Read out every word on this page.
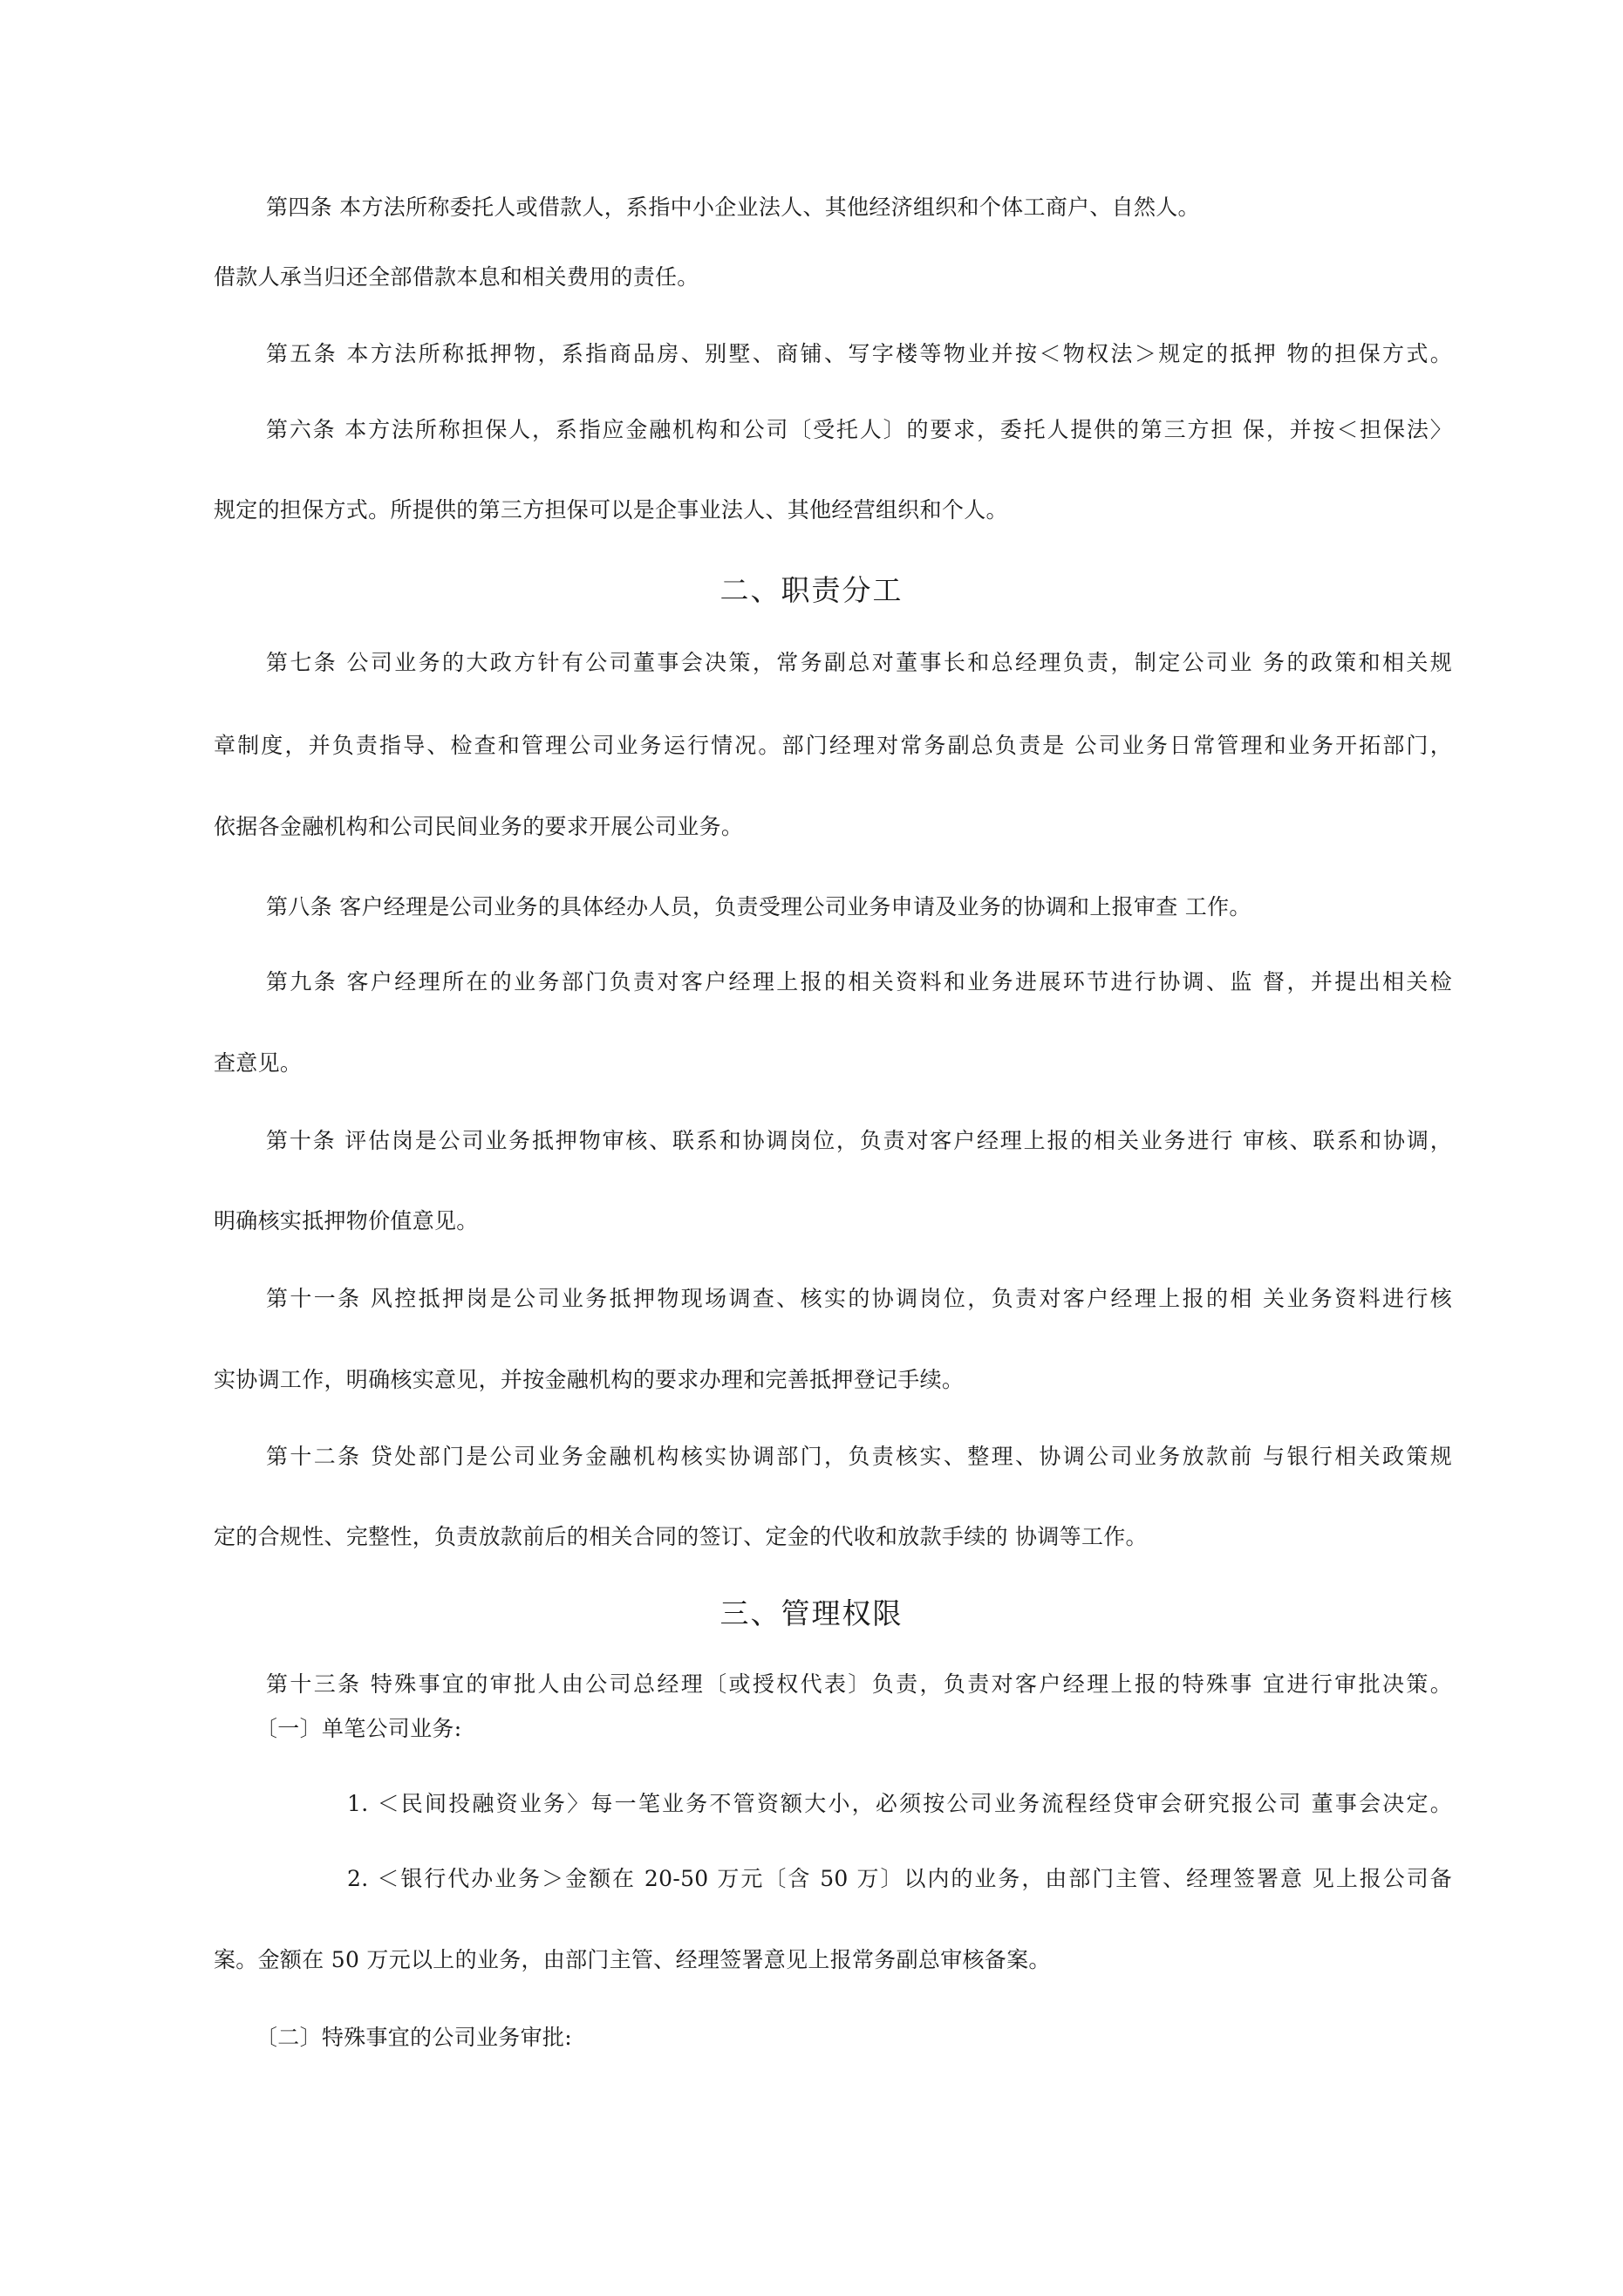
第四条 本方法所称委托人或借款人，系指中小企业法人、其他经济组织和个体工商户、自然人。
借款人承当归还全部借款本息和相关费用的责任。
第五条 本方法所称抵押物，系指商品房、别墅、商铺、写字楼等物业并按＜物权法＞规定的抵押 物的担保方式。
第六条 本方法所称担保人，系指应金融机构和公司〔受托人〕的要求，委托人提供的第三方担 保，并按＜担保法〉
规定的担保方式。所提供的第三方担保可以是企事业法人、其他经营组织和个人。
二、职责分工
第七条 公司业务的大政方针有公司董事会决策，常务副总对董事长和总经理负责，制定公司业 务的政策和相关规
章制度，并负责指导、检查和管理公司业务运行情况。部门经理对常务副总负责是 公司业务日常管理和业务开拓部门，
依据各金融机构和公司民间业务的要求开展公司业务。
第八条 客户经理是公司业务的具体经办人员，负责受理公司业务申请及业务的协调和上报审查 工作。
第九条 客户经理所在的业务部门负责对客户经理上报的相关资料和业务进展环节进行协调、监 督，并提出相关检
查意见。
第十条 评估岗是公司业务抵押物审核、联系和协调岗位，负责对客户经理上报的相关业务进行 审核、联系和协调，
明确核实抵押物价值意见。
第十一条 风控抵押岗是公司业务抵押物现场调查、核实的协调岗位，负责对客户经理上报的相 关业务资料进行核
实协调工作，明确核实意见，并按金融机构的要求办理和完善抵押登记手续。
第十二条 贷处部门是公司业务金融机构核实协调部门，负责核实、整理、协调公司业务放款前 与银行相关政策规
定的合规性、完整性，负责放款前后的相关合同的签订、定金的代收和放款手续的 协调等工作。
三、管理权限
第十三条 特殊事宜的审批人由公司总经理〔或授权代表〕负责，负责对客户经理上报的特殊事 宜进行审批决策。
〔一〕单笔公司业务:
1. ＜民间投融资业务〉每一笔业务不管资额大小，必须按公司业务流程经贷审会研究报公司 董事会决定。
2. ＜银行代办业务＞金额在 20-50 万元〔含 50 万〕以内的业务，由部门主管、经理签署意 见上报公司备
案。金额在 50 万元以上的业务，由部门主管、经理签署意见上报常务副总审核备案。
〔二〕特殊事宜的公司业务审批:
